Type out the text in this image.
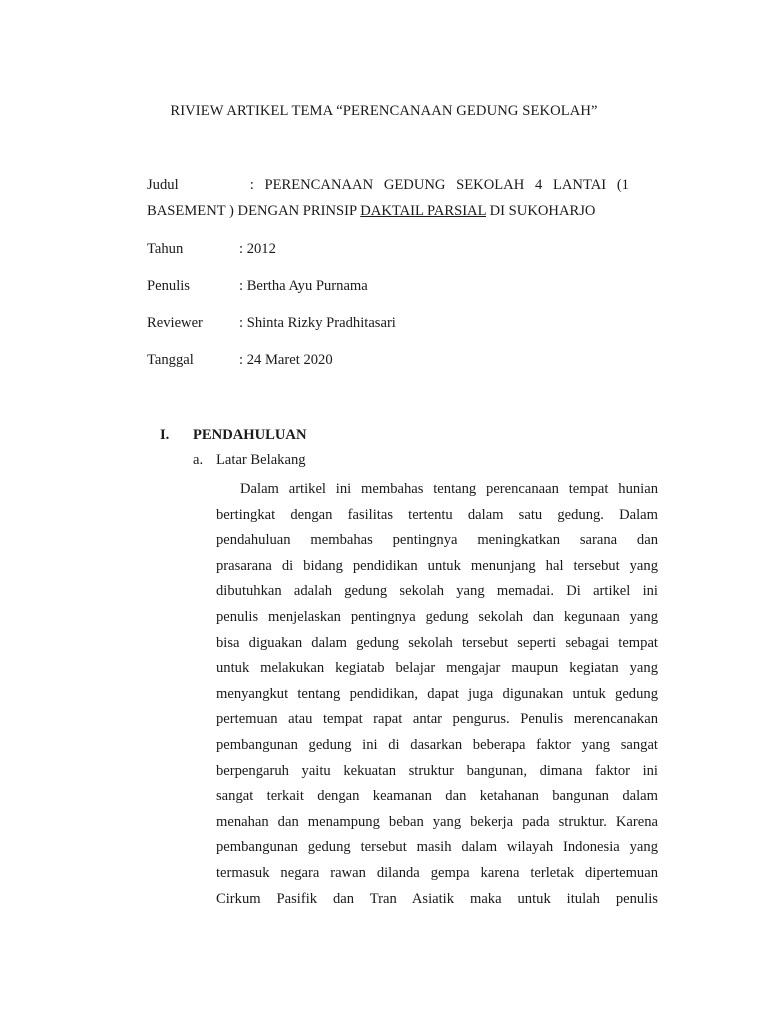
RIVIEW ARTIKEL TEMA “PERENCANAAN GEDUNG SEKOLAH”
Judul	: PERENCANAAN GEDUNG SEKOLAH 4 LANTAI (1
BASEMENT ) DENGAN PRINSIP DAKTAIL PARSIAL DI SUKOHARJO
Tahun	: 2012
Penulis	: Bertha Ayu Purnama
Reviewer : Shinta Rizky Pradhitasari
Tanggal	: 24 Maret 2020
I. PENDAHULUAN
a. Latar Belakang
Dalam artikel ini membahas tentang perencanaan tempat hunian
bertingkat dengan fasilitas tertentu dalam satu gedung. Dalam
pendahuluan membahas pentingnya meningkatkan sarana dan
prasarana di bidang pendidikan untuk menunjang hal tersebut yang
dibutuhkan adalah gedung sekolah yang memadai. Di artikel ini
penulis menjelaskan pentingnya gedung sekolah dan kegunaan yang
bisa diguakan dalam gedung sekolah tersebut seperti sebagai tempat
untuk melakukan kegiatab belajar mengajar maupun kegiatan yang
menyangkut tentang pendidikan, dapat juga digunakan untuk gedung
pertemuan atau tempat rapat antar pengurus. Penulis merencanakan
pembangunan gedung ini di dasarkan beberapa faktor yang sangat
berpengaruh yaitu kekuatan struktur bangunan, dimana faktor ini
sangat terkait dengan keamanan dan ketahanan bangunan dalam
menahan dan menampung beban yang bekerja pada struktur. Karena
pembangunan gedung tersebut masih dalam wilayah Indonesia yang
termasuk negara rawan dilanda gempa karena terletak dipertemuan
Cirkum Pasifik dan Tran Asiatik maka untuk itulah penulis
